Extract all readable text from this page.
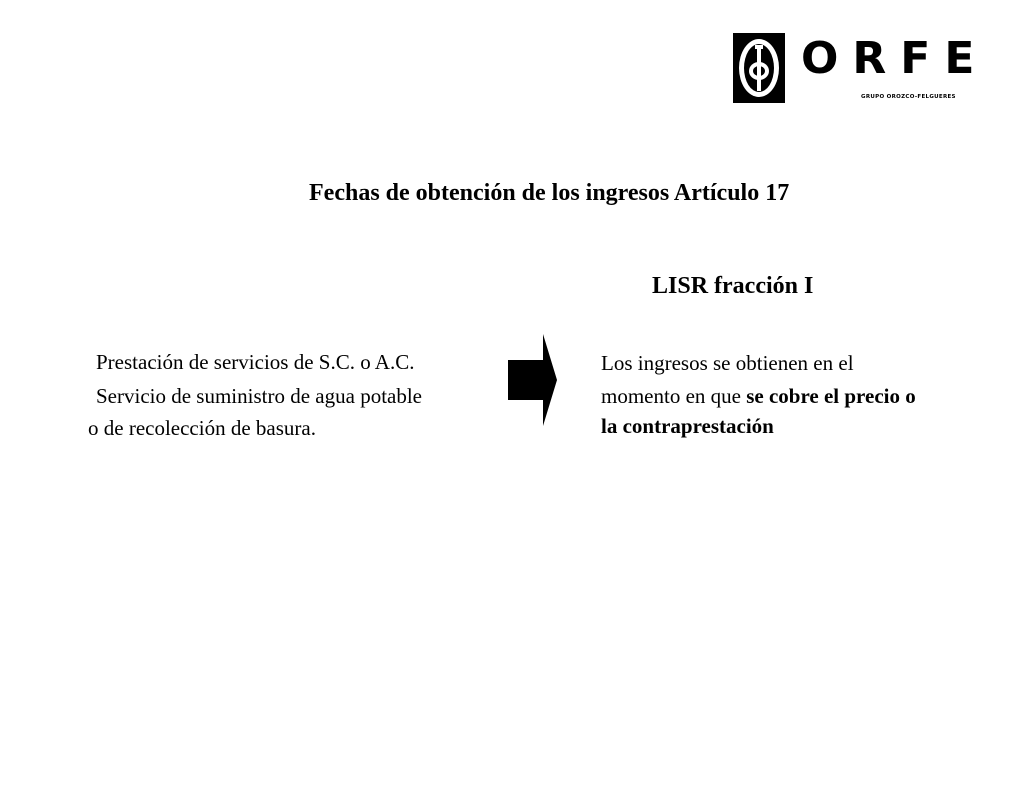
ORFE
GRUPO OROZCO-FELGUERES
Fechas de obtención de los ingresos Artículo 17
LISR fracción I
Prestación de servicios de S.C. o A.C.
Servicio de suministro de agua potable
o de recolección de basura.
Los ingresos se obtienen en el
momento en que se cobre el precio o
la contraprestación
